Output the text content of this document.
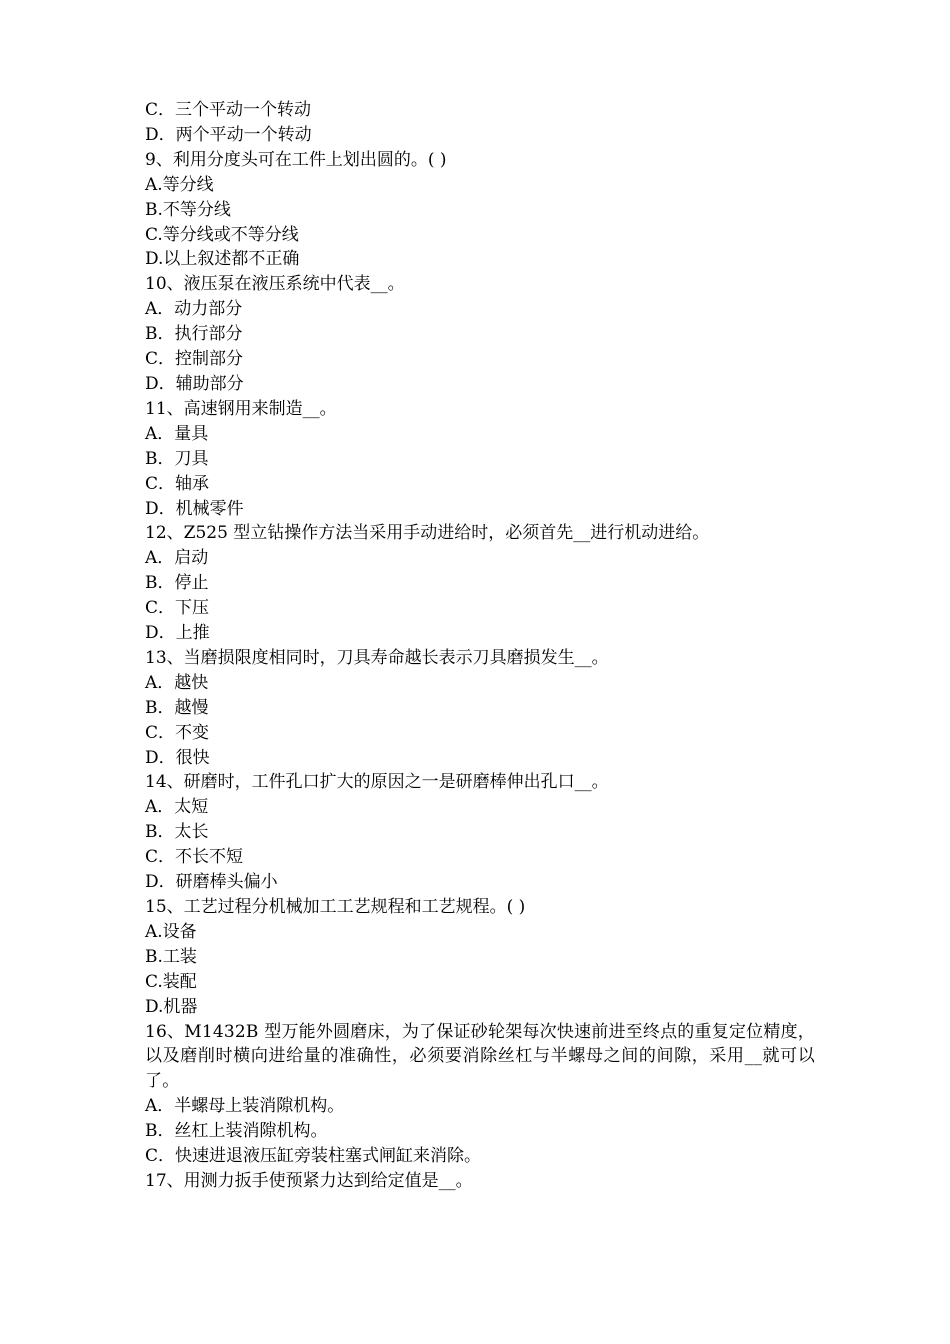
C．三个平动一个转动
D．两个平动一个转动
9、利用分度头可在工件上划出圆的。( )
A.等分线
B.不等分线
C.等分线或不等分线
D.以上叙述都不正确
10、液压泵在液压系统中代表__。
A．动力部分
B．执行部分
C．控制部分
D．辅助部分
11、高速钢用来制造__。
A．量具
B．刀具
C．轴承
D．机械零件
12、Z525 型立钻操作方法当采用手动进给时，必须首先__进行机动进给。
A．启动
B．停止
C．下压
D．上推
13、当磨损限度相同时，刀具寿命越长表示刀具磨损发生__。
A．越快
B．越慢
C．不变
D．很快
14、研磨时，工件孔口扩大的原因之一是研磨棒伸出孔口__。
A．太短
B．太长
C．不长不短
D．研磨棒头偏小
15、工艺过程分机械加工工艺规程和工艺规程。( )
A.设备
B.工装
C.装配
D.机器

16、M1432B 型万能外圆磨床，为了保证砂轮架每次快速前进至终点的重复定位精度，以及磨削时横向进给量的准确性，必须要消除丝杠与半螺母之间的间隙，采用__就可以了。

A．半螺母上装消隙机构。
B．丝杠上装消隙机构。
C．快速进退液压缸旁装柱塞式闸缸来消除。
17、用测力扳手使预紧力达到给定值是__。
